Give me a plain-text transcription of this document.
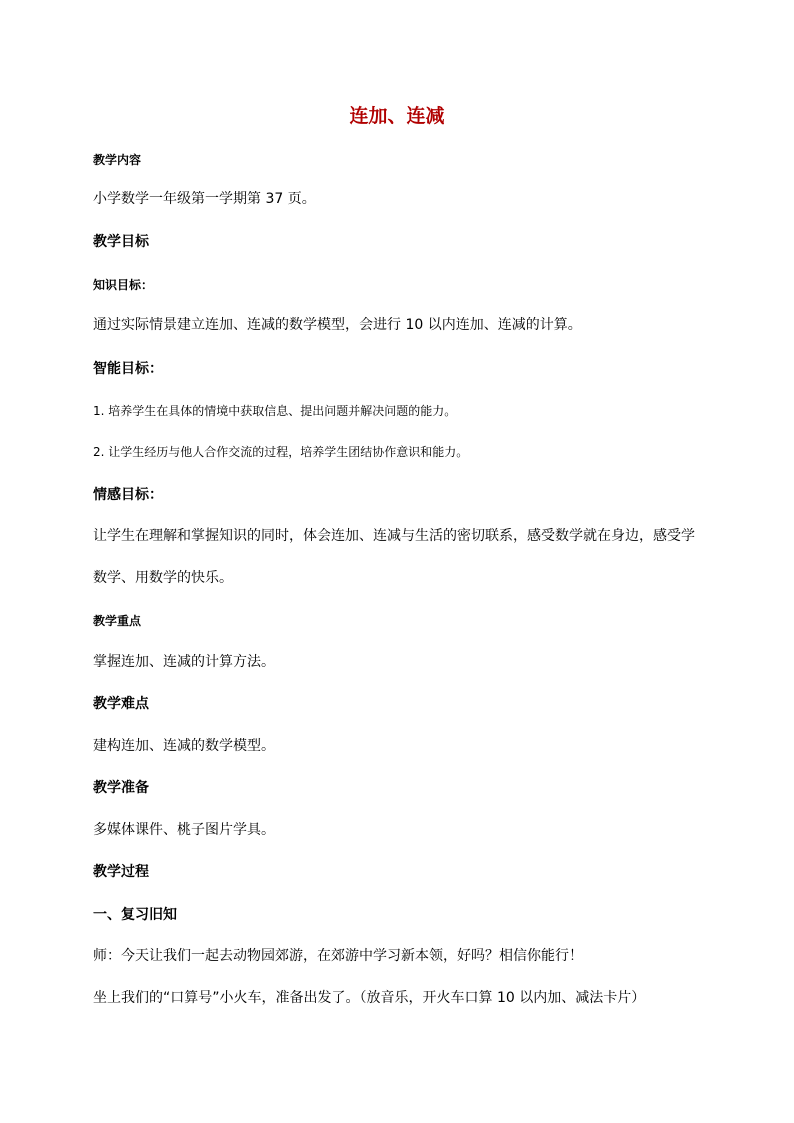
连加、连减
教学内容
小学数学一年级第一学期第 37 页。
教学目标
知识目标：
通过实际情景建立连加、连减的数学模型，会进行 10 以内连加、连减的计算。
智能目标：
1. 培养学生在具体的情境中获取信息、提出问题并解决问题的能力。
2. 让学生经历与他人合作交流的过程，培养学生团结协作意识和能力。
情感目标：
让学生在理解和掌握知识的同时，体会连加、连减与生活的密切联系，感受数学就在身边，感受学
数学、用数学的快乐。
教学重点
掌握连加、连减的计算方法。
教学难点
建构连加、连减的数学模型。
教学准备
多媒体课件、桃子图片学具。
教学过程
一、复习旧知
师：今天让我们一起去动物园郊游，在郊游中学习新本领，好吗？相信你能行！
坐上我们的“口算号”小火车，准备出发了。（放音乐，开火车口算 10 以内加、减法卡片）
